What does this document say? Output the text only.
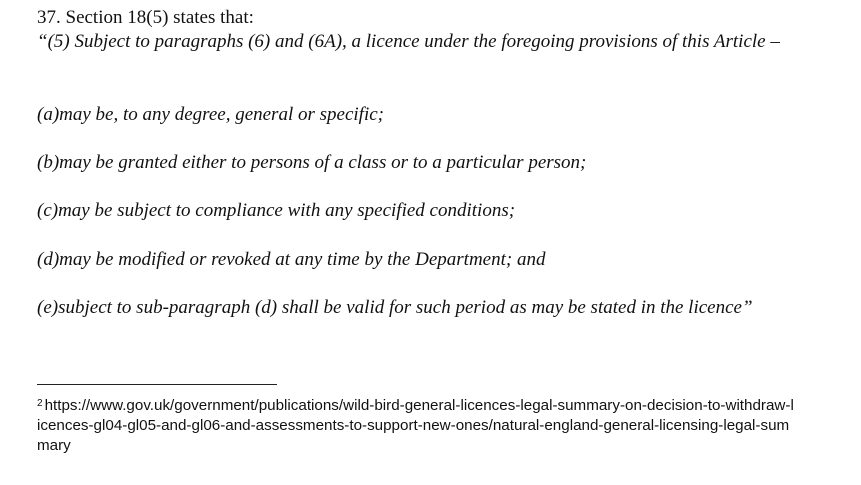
37. Section 18(5) states that:
“(5) Subject to paragraphs (6) and (6A), a licence under the foregoing provisions of this Article –
(a)may be, to any degree, general or specific;
(b)may be granted either to persons of a class or to a particular person;
(c)may be subject to compliance with any specified conditions;
(d)may be modified or revoked at any time by the Department; and
(e)subject to sub-paragraph (d) shall be valid for such period as may be stated in the licence”
$^2$ https://www.gov.uk/government/publications/wild-bird-general-licences-legal-summary-on-decision-to-withdraw-licences-gl04-gl05-and-gl06-and-assessments-to-support-new-ones/natural-england-general-licensing-legal-summary
